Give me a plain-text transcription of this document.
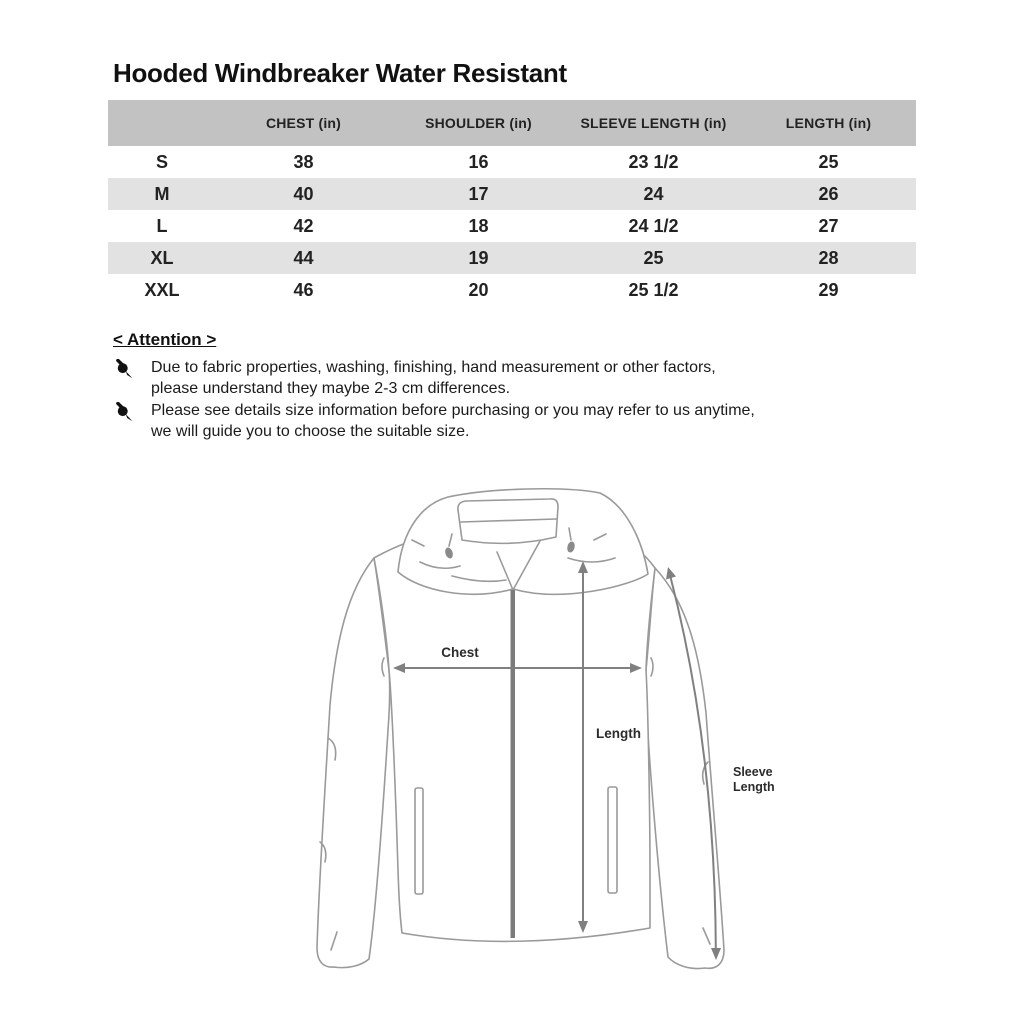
Hooded Windbreaker Water Resistant
	CHEST (in)	SHOULDER (in)	SLEEVE LENGTH (in)	LENGTH (in)
S	38	16	23 1/2	25
M	40	17	24	26
L	42	18	24 1/2	27
XL	44	19	25	28
XXL	46	20	25 1/2	29
< Attention >
Due to fabric properties, washing, finishing, hand measurement or other factors,
please understand they maybe 2-3 cm differences.
Please see details size information before purchasing or you may refer to us anytime,
we will guide you to choose the suitable size.
Chest
Length
Sleeve
Length
